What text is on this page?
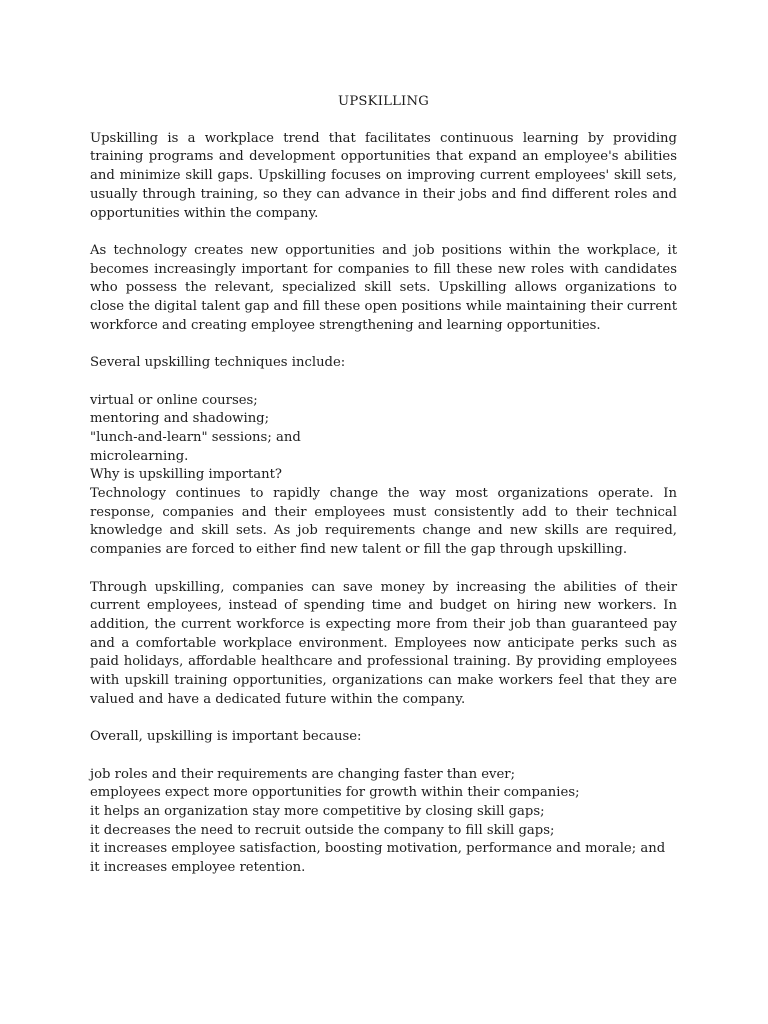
UPSKILLING

Upskilling is a workplace trend that facilitates continuous learning by providing training programs and development opportunities that expand an employee's abilities and minimize skill gaps. Upskilling focuses on improving current employees' skill sets, usually through training, so they can advance in their jobs and find different roles and opportunities within the company.

As technology creates new opportunities and job positions within the workplace, it becomes increasingly important for companies to fill these new roles with candidates who possess the relevant, specialized skill sets. Upskilling allows organizations to close the digital talent gap and fill these open positions while maintaining their current workforce and creating employee strengthening and learning opportunities.

Several upskilling techniques include:

virtual or online courses;

mentoring and shadowing;

"lunch-and-learn" sessions; and

microlearning.

Why is upskilling important?

Technology continues to rapidly change the way most organizations operate. In response, companies and their employees must consistently add to their technical knowledge and skill sets. As job requirements change and new skills are required, companies are forced to either find new talent or fill the gap through upskilling.

Through upskilling, companies can save money by increasing the abilities of their current employees, instead of spending time and budget on hiring new workers. In addition, the current workforce is expecting more from their job than guaranteed pay and a comfortable workplace environment. Employees now anticipate perks such as paid holidays, affordable healthcare and professional training. By providing employees with upskill training opportunities, organizations can make workers feel that they are valued and have a dedicated future within the company.

Overall, upskilling is important because:

job roles and their requirements are changing faster than ever;

employees expect more opportunities for growth within their companies;

it helps an organization stay more competitive by closing skill gaps;

it decreases the need to recruit outside the company to fill skill gaps;

it increases employee satisfaction, boosting motivation, performance and morale; and

it increases employee retention.
